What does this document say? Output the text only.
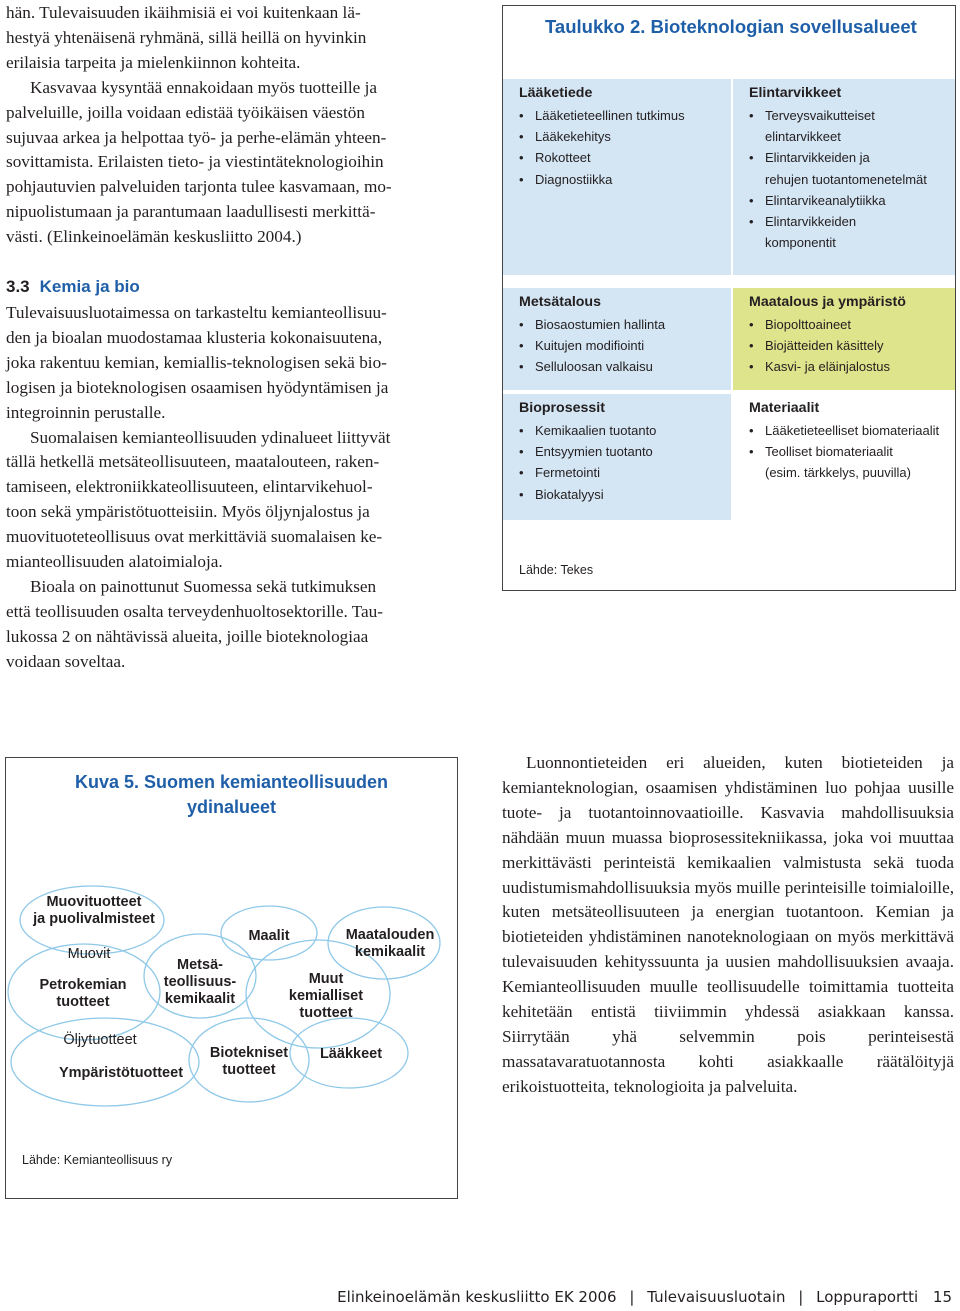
hän. Tulevaisuuden ikäihmisiä ei voi kuitenkaan lä-
hestyä yhtenäisenä ryhmänä, sillä heillä on hyvinkin
erilaisia tarpeita ja mielenkiinnon kohteita.

Kasvavaa kysyntää ennakoidaan myös tuotteille ja
palveluille, joilla voidaan edistää työikäisen väestön
sujuvaa arkea ja helpottaa työ- ja perhe-elämän yhteen-
sovittamista. Erilaisten tieto- ja viestintäteknologioihin
pohjautuvien palveluiden tarjonta tulee kasvamaan, mo-
nipuolistumaan ja parantumaan laadullisesti merkittä-
västi. (Elinkeinoelämän keskusliitto 2004.)

3.3 Kemia ja bio

Tulevaisuusluotaimessa on tarkasteltu kemianteollisuu-
den ja bioalan muodostamaa klusteria kokonaisuutena,
joka rakentuu kemian, kemiallis-teknologisen sekä bio-
logisen ja bioteknologisen osaamisen hyödyntämisen ja
integroinnin perustalle.

Suomalaisen kemianteollisuuden ydinalueet liittyvät
tällä hetkellä metsäteollisuuteen, maatalouteen, raken-
tamiseen, elektroniikkateollisuuteen, elintarvikehuol-
toon sekä ympäristötuotteisiin. Myös öljynjalostus ja
muovituoteteollisuus ovat merkittäviä suomalaisen ke-
mianteollisuuden alatoimialoja.

Bioala on painottunut Suomessa sekä tutkimuksen
että teollisuuden osalta terveydenhuoltosektorille. Tau-
lukossa 2 on nähtävissä alueita, joille bioteknologiaa
voidaan soveltaa.

Taulukko 2. Bioteknologian sovellusalueet
Lääketiede
• Lääketieteellinen tutkimus
• Lääkekehitys
• Rokotteet
• Diagnostiikka
Elintarvikkeet
• Terveysvaikutteiset
elintarvikkeet
• Elintarvikkeiden ja
rehujen tuotantomenetelmät
• Elintarvikeanalytiikka
• Elintarvikkeiden
komponentit
Metsätalous
• Biosaostumien hallinta
• Kuitujen modifiointi
• Selluloosan valkaisu
Maatalous ja ympäristö
• Biopolttoaineet
• Biojätteiden käsittely
• Kasvi- ja eläinjalostus
Bioprosessit
• Kemikaalien tuotanto
• Entsyymien tuotanto
• Fermetointi
• Biokatalyysi
Materiaalit
• Lääketieteelliset biomateriaalit
• Teolliset biomateriaalit
(esim. tärkkelys, puuvilla)
Lähde: Tekes
Kuva 5. Suomen kemianteollisuuden
ydinalueet
Muovituotteet
ja puolivalmisteet
Muovit
Petrokemian
tuotteet
Öljytuotteet
Ympäristötuotteet
Metsä-
teollisuus-
kemikaalit
Maalit
Muut
kemialliset
tuotteet
Maatalouden
kemikaalit
Biotekniset
tuotteet
Lääkkeet
Lähde: Kemianteollisuus ry

Luonnontieteiden eri alueiden, kuten biotieteiden ja kemianteknologian, osaamisen yhdistäminen luo pohjaa uusille tuote- ja tuotantoinnovaatioille. Kasvavia mahdollisuuksia nähdään muun muassa bioprosessitekniikassa, joka voi muuttaa merkittävästi perinteistä kemikaalien valmistusta sekä tuoda uudistumismahdollisuuksia myös muille perinteisille toimialoille, kuten metsäteollisuuteen ja energian tuotantoon. Kemian ja biotieteiden yhdistäminen nanoteknologiaan on myös merkittävä tulevaisuuden kehityssuunta ja uusien mahdollisuuksien avaaja. Kemianteollisuuden muulle teollisuudelle toimittamia tuotteita kehitetään entistä tiiviimmin yhdessä asiakkaan kanssa. Siirrytään yhä selvemmin pois perinteisestä massatavaratuotannosta kohti asiakkaalle räätälöityjä erikoistuotteita, teknologioita ja palveluita.

Elinkeinoelämän keskusliitto EK 2006 | Tulevaisuusluotain | Loppuraportti 15
